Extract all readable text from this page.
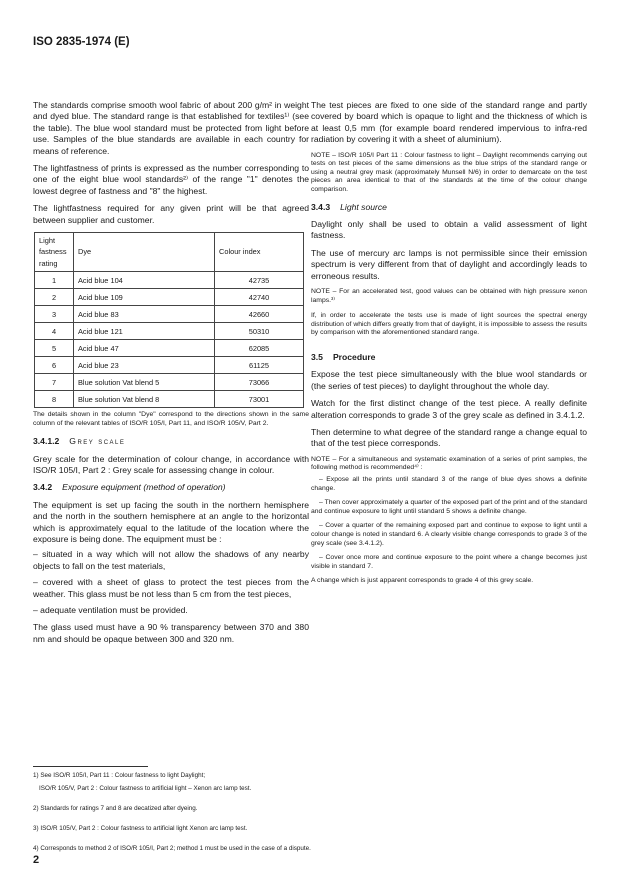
ISO 2835-1974 (E)

The standards comprise smooth wool fabric of about 200 g/m² in weight and dyed blue. The standard range is that established for textiles¹⁾ (see the table). The blue wool standard must be protected from light before use. Samples of the blue standards are available in each country for means of reference.

The lightfastness of prints is expressed as the number corresponding to one of the eight blue wool standards²⁾ of the range "1" denotes the lowest degree of fastness and "8" the highest.

The lightfastness required for any given print will be that agreed between supplier and customer.

Light fastness rating	Dye	Colour index
1	Acid blue 104	42735
2	Acid blue 109	42740
3	Acid blue 83	42660
4	Acid blue 121	50310
5	Acid blue 47	62085
6	Acid blue 23	61125
7	Blue solution Vat blend 5	73066
8	Blue solution Vat blend 8	73001
The details shown in the column "Dye" correspond to the directions shown in the same column of the relevant tables of ISO/R 105/I, Part 11, and ISO/R 105/V, Part 2.
3.4.1.2 Grey scale

Grey scale for the determination of colour change, in accordance with ISO/R 105/I, Part 2 : Grey scale for assessing change in colour.

3.4.2 Exposure equipment (method of operation)

The equipment is set up facing the south in the northern hemisphere and the north in the southern hemisphere at an angle to the horizontal which is approximately equal to the latitude of the location where the exposure is being done. The equipment must be :

– situated in a way which will not allow the shadows of any nearby objects to fall on the test materials,
– covered with a sheet of glass to protect the test pieces from the weather. This glass must be not less than 5 cm from the test pieces,
– adequate ventilation must be provided.

The glass used must have a 90 % transparency between 370 and 380 nm and should be opaque between 300 and 320 nm.

The test pieces are fixed to one side of the standard range and partly covered by board which is opaque to light and the thickness of which is at least 0,5 mm (for example board rendered impervious to infra-red radiation by covering it with a sheet of aluminium).

NOTE – ISO/R 105/I Part 11 : Colour fastness to light – Daylight recommends carrying out tests on test pieces of the same dimensions as the blue strips of the standard range or using a neutral grey mask (approximately Munsell N/6) in order to demarcate on the test pieces an area identical to that of the standards at the time of the colour change comparison.
3.4.3 Light source

Daylight only shall be used to obtain a valid assessment of light fastness.

The use of mercury arc lamps is not permissible since their emission spectrum is very different from that of daylight and accordingly leads to erroneous results.

NOTE – For an accelerated test, good values can be obtained with high pressure xenon lamps.³⁾
If, in order to accelerate the tests use is made of light sources the spectral energy distribution of which differs greatly from that of daylight, it is impossible to assess the results by comparison with the aforementioned standard range.
3.5 Procedure

Expose the test piece simultaneously with the blue wool standards or (the series of test pieces) to daylight throughout the whole day.

Watch for the first distinct change of the test piece. A really definite alteration corresponds to grade 3 of the grey scale as defined in 3.4.1.2.

Then determine to what degree of the standard range a change equal to that of the test piece corresponds.

NOTE – For a simultaneous and systematic examination of a series of print samples, the following method is recommended⁴⁾ :
– Expose all the prints until standard 3 of the range of blue dyes shows a definite change.
– Then cover approximately a quarter of the exposed part of the print and of the standard and continue exposure to light until standard 5 shows a definite change.
– Cover a quarter of the remaining exposed part and continue to expose to light until a colour change is noted in standard 6. A clearly visible change corresponds to grade 3 of the grey scale (see 3.4.1.2).
– Cover once more and continue exposure to the point where a change becomes just visible in standard 7.
A change which is just apparent corresponds to grade 4 of this grey scale.
1) See ISO/R 105/I, Part 11 : Colour fastness to light Daylight;
ISO/R 105/V, Part 2 : Colour fastness to artificial light – Xenon arc lamp test.
2) Standards for ratings 7 and 8 are decatized after dyeing.
3) ISO/R 105/V, Part 2 : Colour fastness to artificial light Xenon arc lamp test.
4) Corresponds to method 2 of ISO/R 105/I, Part 2; method 1 must be used in the case of a dispute.
2
